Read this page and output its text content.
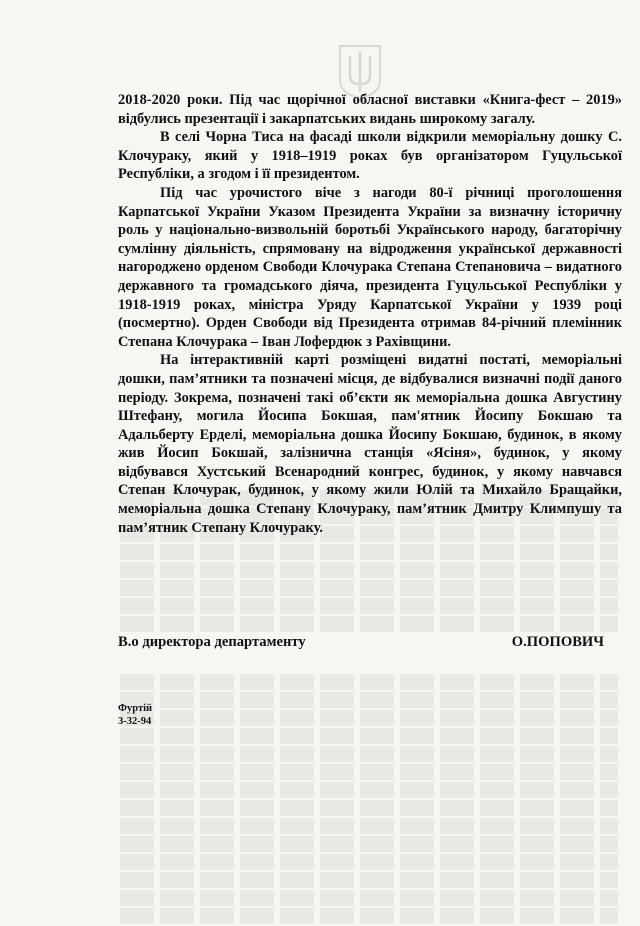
2018-2020 роки. Під час щорічної обласної виставки «Книга-фест – 2019» відбулись презентації і закарпатських видань широкому загалу.

В селі Чорна Тиса на фасаді школи відкрили меморіальну дошку С. Клочураку, який у 1918–1919 роках був організатором Гуцульської Республіки, а згодом і її президентом.

Під час урочистого віче з нагоди 80-ї річниці проголошення Карпатської України Указом Президента України за визначну історичну роль у національно-визвольній боротьбі Українського народу, багаторічну сумлінну діяльність, спрямовану на відродження української державності нагороджено орденом Свободи Клочурака Степана Степановича – видатного державного та громадського діяча, президента Гуцульської Республіки у 1918-1919 роках, міністра Уряду Карпатської України у 1939 році (посмертно). Орден Свободи від Президента отримав 84-річний племінник Степана Клочурака – Іван Лофердюк з Рахівщини.

На інтерактивній карті розміщені видатні постаті, меморіальні дошки, пам’ятники та позначені місця, де відбувалися визначні події даного періоду. Зокрема, позначені такі об’єкти як меморіальна дошка Августину Штефану, могила Йосипа Бокшая, пам'ятник Йосипу Бокшаю та Адальберту Ерделі, меморіальна дошка Йосипу Бокшаю, будинок, в якому жив Йосип Бокшай, залізнична станція «Ясіня», будинок, у якому відбувався Хустський Всенародний конгрес, будинок, у якому навчався Степан Клочурак, будинок, у якому жили Юлій та Михайло Бращайки, меморіальна дошка Степану Клочураку, пам’ятник Дмитру Климпушу та пам’ятник Степану Клочураку.

В.о директора департаменту	О.ПОПОВИЧ
Фуртій
3-32-94
